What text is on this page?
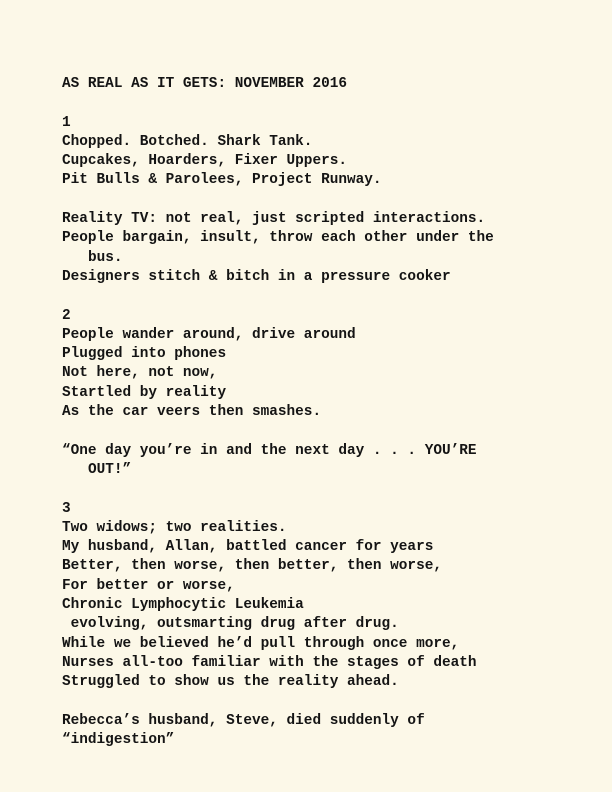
AS REAL AS IT GETS: NOVEMBER 2016
1
Chopped. Botched. Shark Tank.
Cupcakes, Hoarders, Fixer Uppers.
Pit Bulls & Parolees, Project Runway.
Reality TV: not real, just scripted interactions.
People bargain, insult, throw each other under the
bus.
Designers stitch & bitch in a pressure cooker
2
People wander around, drive around
Plugged into phones
Not here, not now,
Startled by reality
As the car veers then smashes.
“One day you’re in and the next day . . . YOU’RE
OUT!”
3
Two widows; two realities.
My husband, Allan, battled cancer for years
Better, then worse, then better, then worse,
For better or worse,
Chronic Lymphocytic Leukemia
evolving, outsmarting drug after drug.
While we believed he’d pull through once more,
Nurses all-too familiar with the stages of death
Struggled to show us the reality ahead.
Rebecca’s husband, Steve, died suddenly of
“indigestion”
